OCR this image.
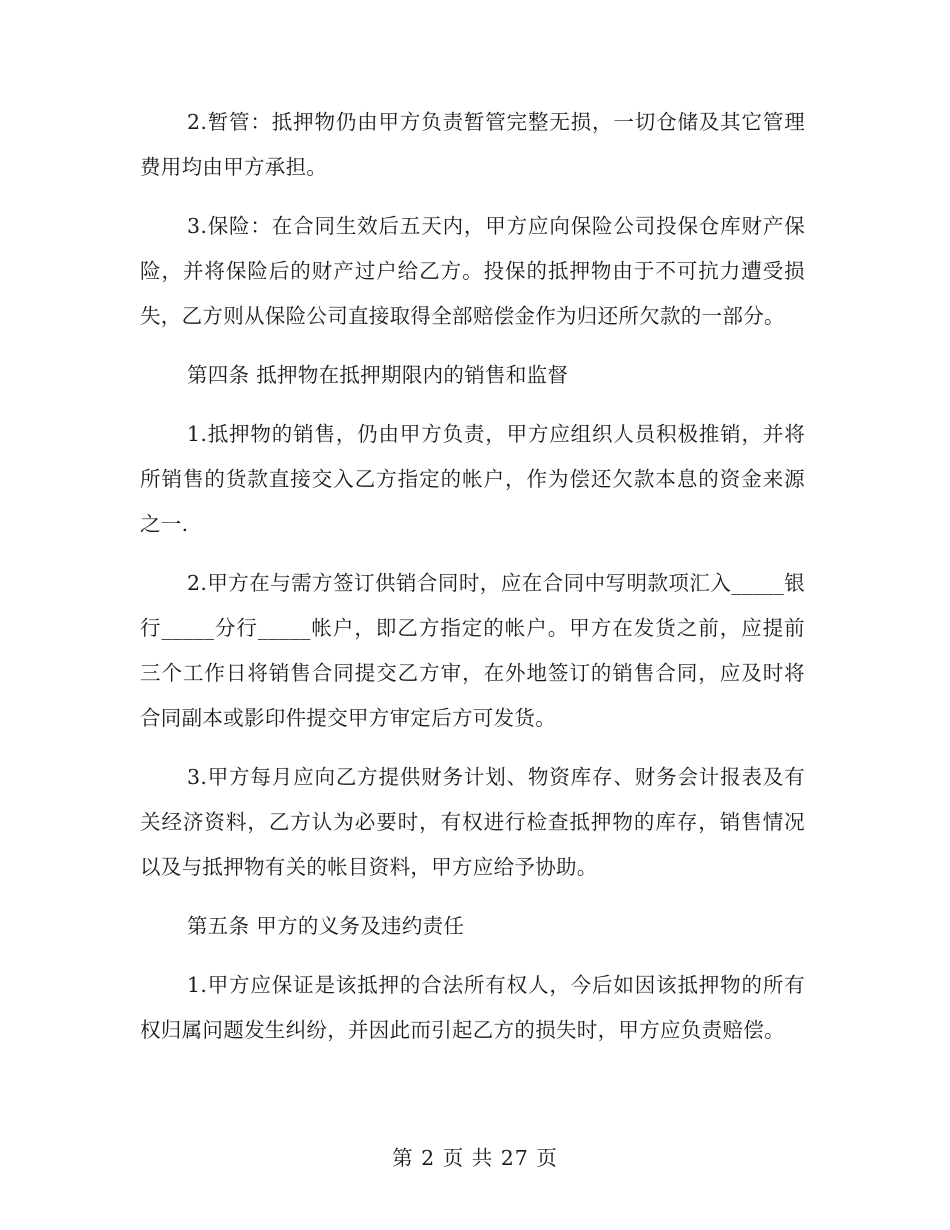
2.暂管：抵押物仍由甲方负责暂管完整无损，一切仓储及其它管理费用均由甲方承担。

3.保险：在合同生效后五天内，甲方应向保险公司投保仓库财产保险，并将保险后的财产过户给乙方。投保的抵押物由于不可抗力遭受损失，乙方则从保险公司直接取得全部赔偿金作为归还所欠款的一部分。

第四条 抵押物在抵押期限内的销售和监督

1.抵押物的销售，仍由甲方负责，甲方应组织人员积极推销，并将所销售的货款直接交入乙方指定的帐户，作为偿还欠款本息的资金来源之一.

2.甲方在与需方签订供销合同时，应在合同中写明款项汇入_____银行_____分行_____帐户，即乙方指定的帐户。甲方在发货之前，应提前三个工作日将销售合同提交乙方审，在外地签订的销售合同，应及时将合同副本或影印件提交甲方审定后方可发货。

3.甲方每月应向乙方提供财务计划、物资库存、财务会计报表及有关经济资料，乙方认为必要时，有权进行检查抵押物的库存，销售情况以及与抵押物有关的帐目资料，甲方应给予协助。

第五条 甲方的义务及违约责任

1.甲方应保证是该抵押的合法所有权人，今后如因该抵押物的所有权归属问题发生纠纷，并因此而引起乙方的损失时，甲方应负责赔偿。

第 2 页 共 27 页
